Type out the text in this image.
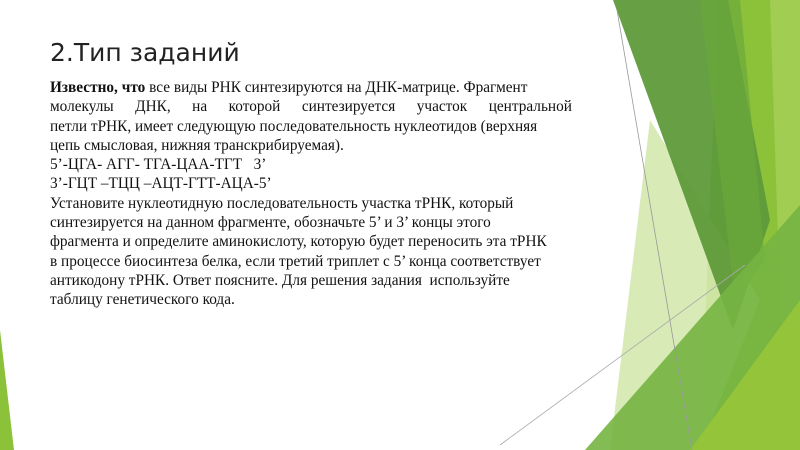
2.Тип заданий
Известно, что все виды РНК синтезируются на ДНК-матрице. Фрагмент
молекулы ДНК, на которой синтезируется участок центральной
петли тРНК, имеет следующую последовательность нуклеотидов (верхняя
цепь смысловая, нижняя транскрибируемая).
5’-ЦГА- АГГ- ТГА-ЦАА-ТГТ   3’
3’-ГЦТ –ТЦЦ –АЦТ-ГТТ-АЦА-5’
Установите нуклеотидную последовательность участка тРНК, который
синтезируется на данном фрагменте, обозначьте 5’ и 3’ концы этого
фрагмента и определите аминокислоту, которую будет переносить эта тРНК
в процессе биосинтеза белка, если третий триплет с 5’ конца соответствует
антикодону тРНК. Ответ поясните. Для решения задания  используйте
таблицу генетического кода.
